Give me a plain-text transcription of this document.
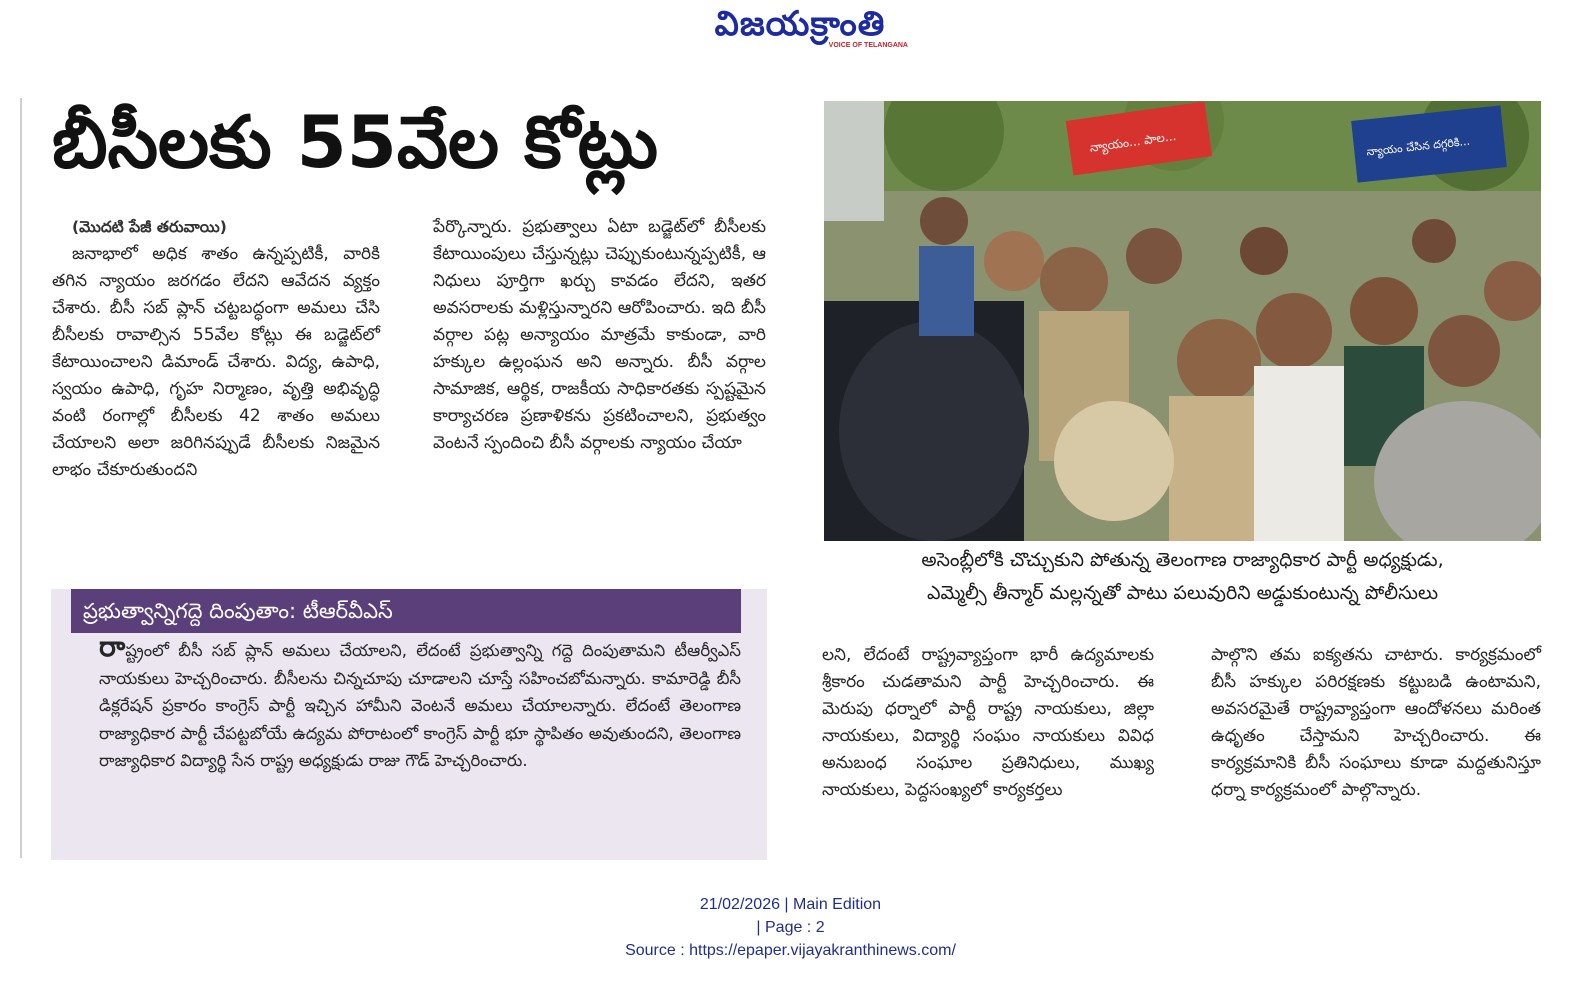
విజయక్రాంతి
VOICE OF TELANGANA
బీసీలకు 55వేల కోట్లు

(మొదటి పేజీ తరువాయి)

జనాభాలో అధిక శాతం ఉన్నప్పటికీ, వారికి తగిన న్యాయం జరగడం లేదని ఆవేదన వ్యక్తం చేశారు. బీసీ సబ్ ప్లాన్ చట్టబద్ధంగా అమలు చేసి బీసీలకు రావాల్సిన 55వేల కోట్లు ఈ బడ్జెట్‌లో కేటాయించాలని డిమాండ్ చేశారు. విద్య, ఉపాధి, స్వయం ఉపాధి, గృహ నిర్మాణం, వృత్తి అభివృద్ధి వంటి రంగాల్లో బీసీలకు 42 శాతం అమలు చేయాలని అలా జరిగినప్పుడే బీసీలకు నిజమైన లాభం చేకూరుతుందని

పేర్కొన్నారు. ప్రభుత్వాలు ఏటా బడ్జెట్‌లో బీసీలకు కేటాయింపులు చేస్తున్నట్లు చెప్పుకుంటున్నప్పటికీ, ఆ నిధులు పూర్తిగా ఖర్చు కావడం లేదని, ఇతర అవసరాలకు మళ్లిస్తున్నారని ఆరోపించారు. ఇది బీసీ వర్గాల పట్ల అన్యాయం మాత్రమే కాకుండా, వారి హక్కుల ఉల్లంఘన అని అన్నారు. బీసీ వర్గాల సామాజిక, ఆర్థిక, రాజకీయ సాధికారతకు స్పష్టమైన కార్యాచరణ ప్రణాళికను ప్రకటించాలని, ప్రభుత్వం వెంటనే స్పందించి బీసీ వర్గాలకు న్యాయం చేయా

న్యాయం... పాల...	న్యాయం చేసిన దగ్గరికి...
అసెంబ్లీలోకి చొచ్చుకుని పోతున్న తెలంగాణ రాజ్యాధికార పార్టీ అధ్యక్షుడు,
ఎమ్మెల్సీ తీన్మార్ మల్లన్నతో పాటు పలువురిని అడ్డుకుంటున్న పోలీసులు
ప్రభుత్వాన్నిగద్దె దింపుతాం: టీఆర్‌వీఎస్
రాష్ట్రంలో బీసీ సబ్ ప్లాన్ అమలు చేయాలని, లేదంటే ప్రభుత్వాన్ని గద్దె దింపుతామని టీఆర్వీఎస్ నాయకులు హెచ్చరించారు. బీసీలను చిన్నచూపు చూడాలని చూస్తే సహించబోమన్నారు. కామారెడ్డి బీసీ డిక్లరేషన్ ప్రకారం కాంగ్రెస్ పార్టీ ఇచ్చిన హామీని వెంటనే అమలు చేయాలన్నారు. లేదంటే తెలంగాణ రాజ్యాధికార పార్టీ చేపట్టబోయే ఉద్యమ పోరాటంలో కాంగ్రెస్ పార్టీ భూ స్థాపితం అవుతుందని, తెలంగాణ రాజ్యాధికార విద్యార్థి సేన రాష్ట్ర అధ్యక్షుడు రాజు గౌడ్ హెచ్చరించారు.

లని, లేదంటే రాష్ట్రవ్యాప్తంగా భారీ ఉద్యమాలకు శ్రీకారం చుడతామని పార్టీ హెచ్చరించారు. ఈ మెరుపు ధర్నాలో పార్టీ రాష్ట్ర నాయకులు, జిల్లా నాయకులు, విద్యార్థి సంఘం నాయకులు వివిధ అనుబంధ సంఘాల ప్రతినిధులు, ముఖ్య నాయకులు, పెద్దసంఖ్యలో కార్యకర్తలు

పాల్గొని తమ ఐక్యతను చాటారు. కార్యక్రమంలో బీసీ హక్కుల పరిరక్షణకు కట్టుబడి ఉంటామని, అవసరమైతే రాష్ట్రవ్యాప్తంగా ఆందోళనలు మరింత ఉధృతం చేస్తామని హెచ్చరించారు. ఈ కార్యక్రమానికి బీసీ సంఘాలు కూడా మద్దతునిస్తూ ధర్నా కార్యక్రమంలో పాల్గొన్నారు.

21/02/2026 | Main Edition
| Page : 2
Source : https://epaper.vijayakranthinews.com/
